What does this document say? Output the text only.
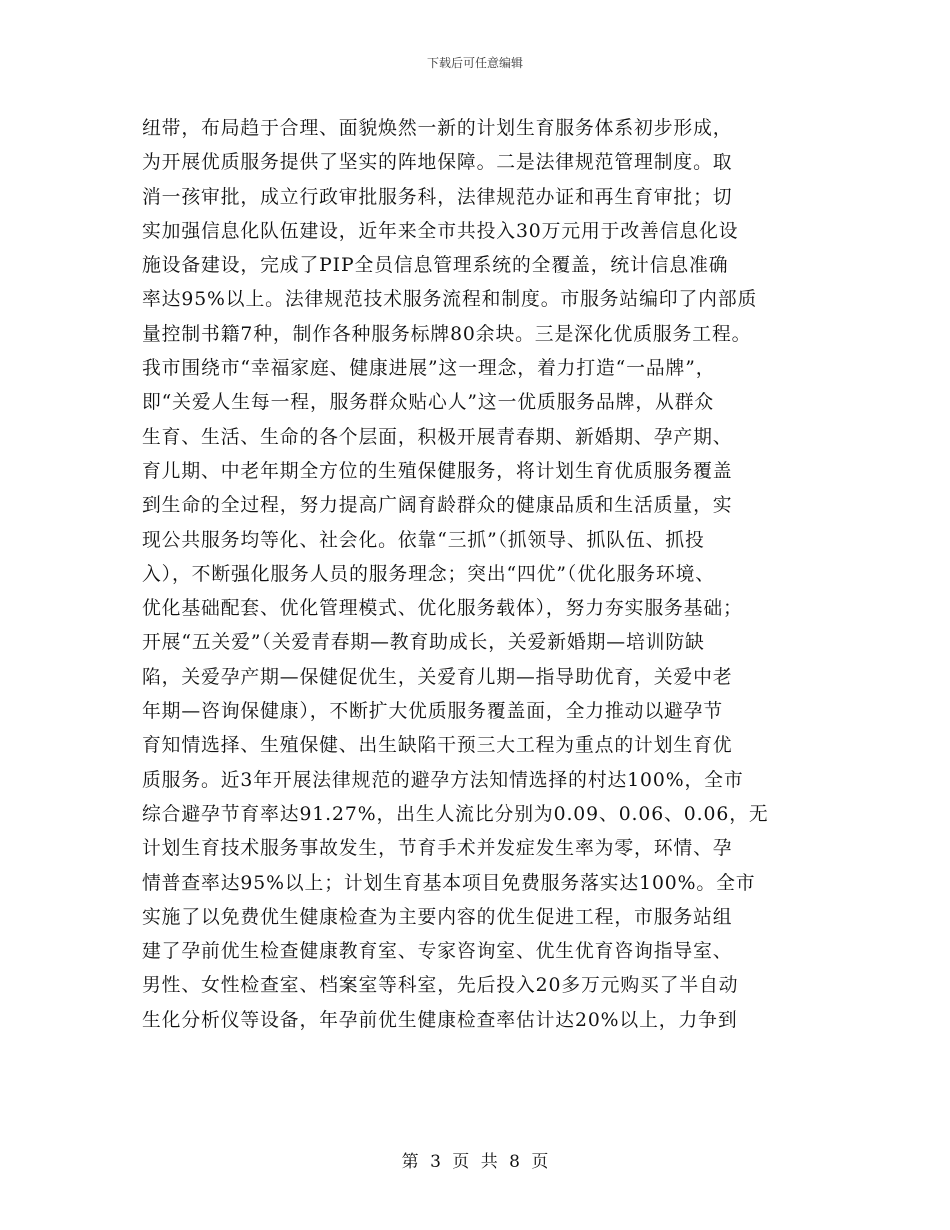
下载后可任意编辑
纽带，布局趋于合理、面貌焕然一新的计划生育服务体系初步形成，
为开展优质服务提供了坚实的阵地保障。二是法律规范管理制度。取
消一孩审批，成立行政审批服务科，法律规范办证和再生育审批；切
实加强信息化队伍建设，近年来全市共投入30万元用于改善信息化设
施设备建设，完成了PIP全员信息管理系统的全覆盖，统计信息准确
率达95%以上。法律规范技术服务流程和制度。市服务站编印了内部质
量控制书籍7种，制作各种服务标牌80余块。三是深化优质服务工程。
我市围绕市“幸福家庭、健康进展”这一理念，着力打造“一品牌”，
即“关爱人生每一程，服务群众贴心人”这一优质服务品牌，从群众
生育、生活、生命的各个层面，积极开展青春期、新婚期、孕产期、
育儿期、中老年期全方位的生殖保健服务，将计划生育优质服务覆盖
到生命的全过程，努力提高广阔育龄群众的健康品质和生活质量，实
现公共服务均等化、社会化。依靠“三抓”（抓领导、抓队伍、抓投
入），不断强化服务人员的服务理念；突出“四优”（优化服务环境、
优化基础配套、优化管理模式、优化服务载体），努力夯实服务基础；
开展“五关爱”（关爱青春期—教育助成长，关爱新婚期—培训防缺
陷，关爱孕产期—保健促优生，关爱育儿期—指导助优育，关爱中老
年期—咨询保健康），不断扩大优质服务覆盖面，全力推动以避孕节
育知情选择、生殖保健、出生缺陷干预三大工程为重点的计划生育优
质服务。近3年开展法律规范的避孕方法知情选择的村达100%，全市
综合避孕节育率达91.27%，出生人流比分别为0.09、0.06、0.06，无
计划生育技术服务事故发生，节育手术并发症发生率为零，环情、孕
情普查率达95%以上；计划生育基本项目免费服务落实达100%。全市
实施了以免费优生健康检查为主要内容的优生促进工程，市服务站组
建了孕前优生检查健康教育室、专家咨询室、优生优育咨询指导室、
男性、女性检查室、档案室等科室，先后投入20多万元购买了半自动
生化分析仪等设备，年孕前优生健康检查率估计达20%以上，力争到
第 3 页 共 8 页
